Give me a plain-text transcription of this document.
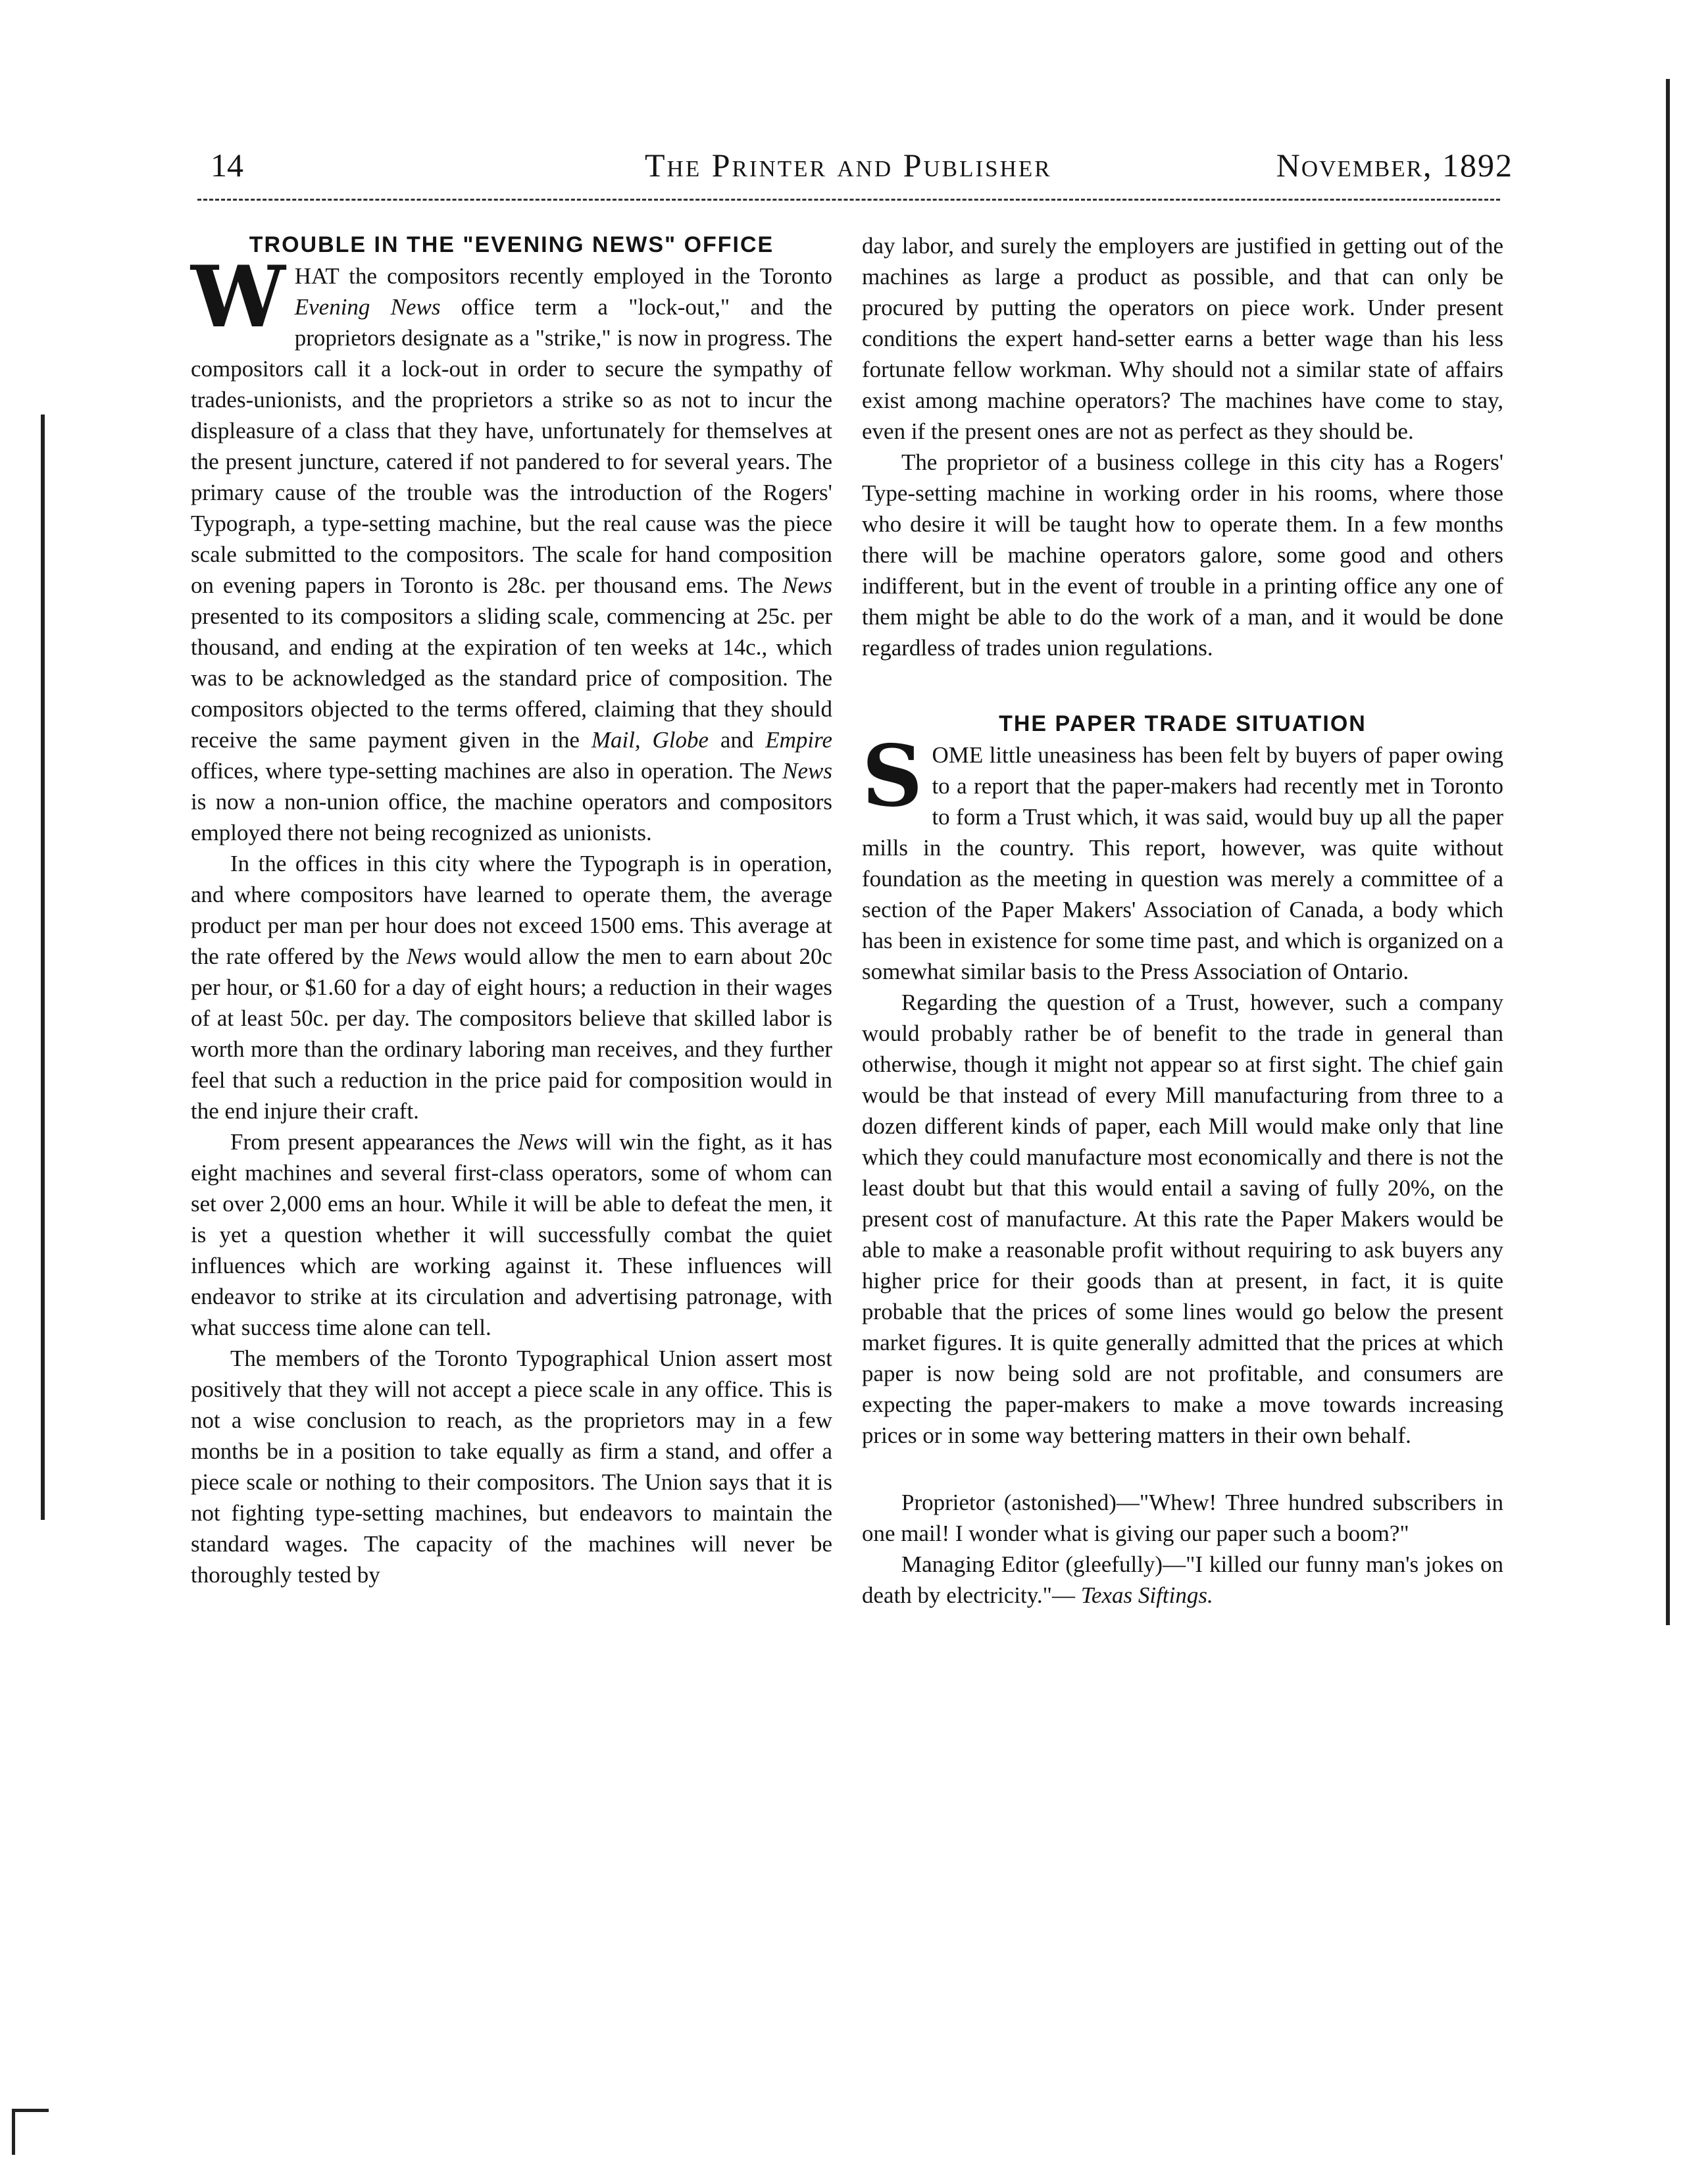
14	The Printer and Publisher	November, 1892
TROUBLE IN THE "EVENING NEWS" OFFICE

WHAT the compositors recently employed in the Toronto Evening News office term a "lock-out," and the proprietors designate as a "strike," is now in progress. The compositors call it a lock-out in order to secure the sympathy of trades-unionists, and the proprietors a strike so as not to incur the displeasure of a class that they have, unfortunately for themselves at the present juncture, catered if not pandered to for several years. The primary cause of the trouble was the introduction of the Rogers' Typograph, a type-setting machine, but the real cause was the piece scale submitted to the compositors. The scale for hand composition on evening papers in Toronto is 28c. per thousand ems. The News presented to its compositors a sliding scale, commencing at 25c. per thousand, and ending at the expiration of ten weeks at 14c., which was to be acknowledged as the standard price of composition. The compositors objected to the terms offered, claiming that they should receive the same payment given in the Mail, Globe and Empire offices, where type-setting machines are also in operation. The News is now a non-union office, the machine operators and compositors employed there not being recognized as unionists.

In the offices in this city where the Typograph is in operation, and where compositors have learned to operate them, the average product per man per hour does not exceed 1500 ems. This average at the rate offered by the News would allow the men to earn about 20c per hour, or $1.60 for a day of eight hours; a reduction in their wages of at least 50c. per day. The compositors believe that skilled labor is worth more than the ordinary laboring man receives, and they further feel that such a reduction in the price paid for composition would in the end injure their craft.

From present appearances the News will win the fight, as it has eight machines and several first-class operators, some of whom can set over 2,000 ems an hour. While it will be able to defeat the men, it is yet a question whether it will successfully combat the quiet influences which are working against it. These influences will endeavor to strike at its circulation and advertising patronage, with what success time alone can tell.

The members of the Toronto Typographical Union assert most positively that they will not accept a piece scale in any office. This is not a wise conclusion to reach, as the proprietors may in a few months be in a position to take equally as firm a stand, and offer a piece scale or nothing to their compositors. The Union says that it is not fighting type-setting machines, but endeavors to maintain the standard wages. The capacity of the machines will never be thoroughly tested by

day labor, and surely the employers are justified in getting out of the machines as large a product as possible, and that can only be procured by putting the operators on piece work. Under present conditions the expert hand-setter earns a better wage than his less fortunate fellow workman. Why should not a similar state of affairs exist among machine operators? The machines have come to stay, even if the present ones are not as perfect as they should be.

The proprietor of a business college in this city has a Rogers' Type-setting machine in working order in his rooms, where those who desire it will be taught how to operate them. In a few months there will be machine operators galore, some good and others indifferent, but in the event of trouble in a printing office any one of them might be able to do the work of a man, and it would be done regardless of trades union regulations.

THE PAPER TRADE SITUATION

SOME little uneasiness has been felt by buyers of paper owing to a report that the paper-makers had recently met in Toronto to form a Trust which, it was said, would buy up all the paper mills in the country. This report, however, was quite without foundation as the meeting in question was merely a committee of a section of the Paper Makers' Association of Canada, a body which has been in existence for some time past, and which is organized on a somewhat similar basis to the Press Association of Ontario.

Regarding the question of a Trust, however, such a company would probably rather be of benefit to the trade in general than otherwise, though it might not appear so at first sight. The chief gain would be that instead of every Mill manufacturing from three to a dozen different kinds of paper, each Mill would make only that line which they could manufacture most economically and there is not the least doubt but that this would entail a saving of fully 20%, on the present cost of manufacture. At this rate the Paper Makers would be able to make a reasonable profit without requiring to ask buyers any higher price for their goods than at present, in fact, it is quite probable that the prices of some lines would go below the present market figures. It is quite generally admitted that the prices at which paper is now being sold are not profitable, and consumers are expecting the paper-makers to make a move towards increasing prices or in some way bettering matters in their own behalf.

Proprietor (astonished)—"Whew! Three hundred subscribers in one mail! I wonder what is giving our paper such a boom?"

Managing Editor (gleefully)—"I killed our funny man's jokes on death by electricity."— Texas Siftings.
